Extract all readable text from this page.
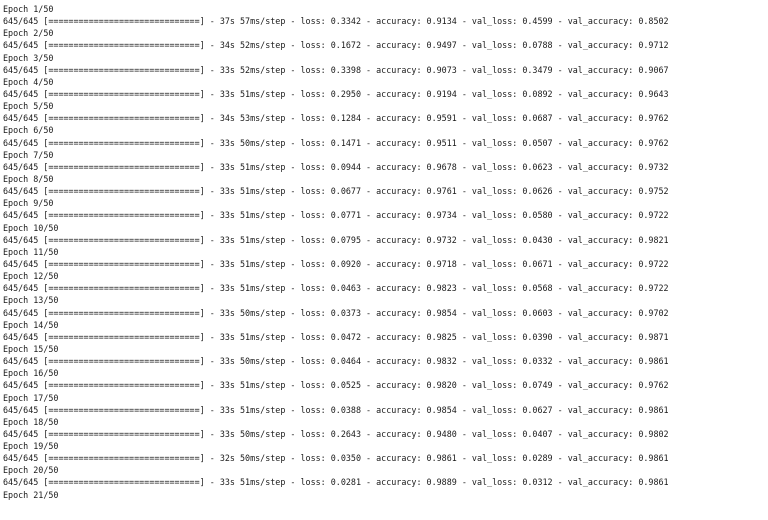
Epoch 1/50
645/645 [==============================] - 37s 57ms/step - loss: 0.3342 - accuracy: 0.9134 - val_loss: 0.4599 - val_accuracy: 0.8502
Epoch 2/50
645/645 [==============================] - 34s 52ms/step - loss: 0.1672 - accuracy: 0.9497 - val_loss: 0.0788 - val_accuracy: 0.9712
Epoch 3/50
645/645 [==============================] - 33s 52ms/step - loss: 0.3398 - accuracy: 0.9073 - val_loss: 0.3479 - val_accuracy: 0.9067
Epoch 4/50
645/645 [==============================] - 33s 51ms/step - loss: 0.2950 - accuracy: 0.9194 - val_loss: 0.0892 - val_accuracy: 0.9643
Epoch 5/50
645/645 [==============================] - 34s 53ms/step - loss: 0.1284 - accuracy: 0.9591 - val_loss: 0.0687 - val_accuracy: 0.9762
Epoch 6/50
645/645 [==============================] - 33s 50ms/step - loss: 0.1471 - accuracy: 0.9511 - val_loss: 0.0507 - val_accuracy: 0.9762
Epoch 7/50
645/645 [==============================] - 33s 51ms/step - loss: 0.0944 - accuracy: 0.9678 - val_loss: 0.0623 - val_accuracy: 0.9732
Epoch 8/50
645/645 [==============================] - 33s 51ms/step - loss: 0.0677 - accuracy: 0.9761 - val_loss: 0.0626 - val_accuracy: 0.9752
Epoch 9/50
645/645 [==============================] - 33s 51ms/step - loss: 0.0771 - accuracy: 0.9734 - val_loss: 0.0580 - val_accuracy: 0.9722
Epoch 10/50
645/645 [==============================] - 33s 51ms/step - loss: 0.0795 - accuracy: 0.9732 - val_loss: 0.0430 - val_accuracy: 0.9821
Epoch 11/50
645/645 [==============================] - 33s 51ms/step - loss: 0.0920 - accuracy: 0.9718 - val_loss: 0.0671 - val_accuracy: 0.9722
Epoch 12/50
645/645 [==============================] - 33s 51ms/step - loss: 0.0463 - accuracy: 0.9823 - val_loss: 0.0568 - val_accuracy: 0.9722
Epoch 13/50
645/645 [==============================] - 33s 50ms/step - loss: 0.0373 - accuracy: 0.9854 - val_loss: 0.0603 - val_accuracy: 0.9702
Epoch 14/50
645/645 [==============================] - 33s 51ms/step - loss: 0.0472 - accuracy: 0.9825 - val_loss: 0.0390 - val_accuracy: 0.9871
Epoch 15/50
645/645 [==============================] - 33s 50ms/step - loss: 0.0464 - accuracy: 0.9832 - val_loss: 0.0332 - val_accuracy: 0.9861
Epoch 16/50
645/645 [==============================] - 33s 51ms/step - loss: 0.0525 - accuracy: 0.9820 - val_loss: 0.0749 - val_accuracy: 0.9762
Epoch 17/50
645/645 [==============================] - 33s 51ms/step - loss: 0.0388 - accuracy: 0.9854 - val_loss: 0.0627 - val_accuracy: 0.9861
Epoch 18/50
645/645 [==============================] - 33s 50ms/step - loss: 0.2643 - accuracy: 0.9480 - val_loss: 0.0407 - val_accuracy: 0.9802
Epoch 19/50
645/645 [==============================] - 32s 50ms/step - loss: 0.0350 - accuracy: 0.9861 - val_loss: 0.0289 - val_accuracy: 0.9861
Epoch 20/50
645/645 [==============================] - 33s 51ms/step - loss: 0.0281 - accuracy: 0.9889 - val_loss: 0.0312 - val_accuracy: 0.9861
Epoch 21/50
